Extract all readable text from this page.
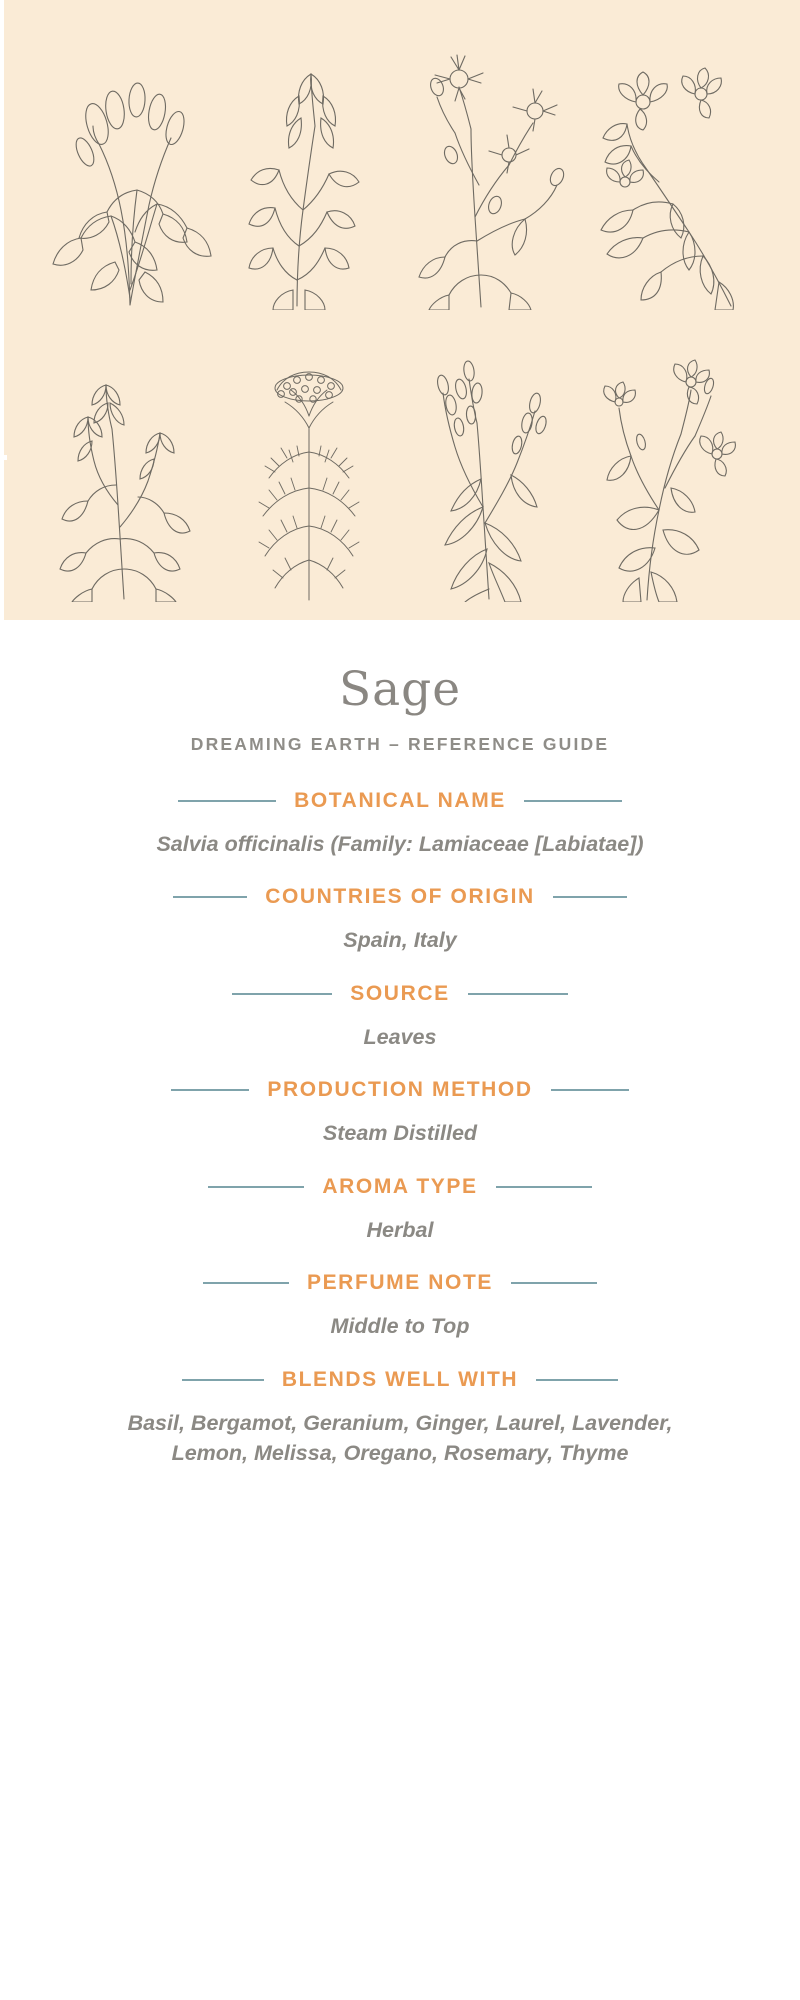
Sage
DREAMING EARTH – REFERENCE GUIDE
BOTANICAL NAME
Salvia officinalis (Family: Lamiaceae [Labiatae])
COUNTRIES OF ORIGIN
Spain, Italy
SOURCE
Leaves
PRODUCTION METHOD
Steam Distilled
AROMA TYPE
Herbal
PERFUME NOTE
Middle to Top
BLENDS WELL WITH
Basil, Bergamot, Geranium, Ginger, Laurel, Lavender, Lemon, Melissa, Oregano, Rosemary, Thyme
